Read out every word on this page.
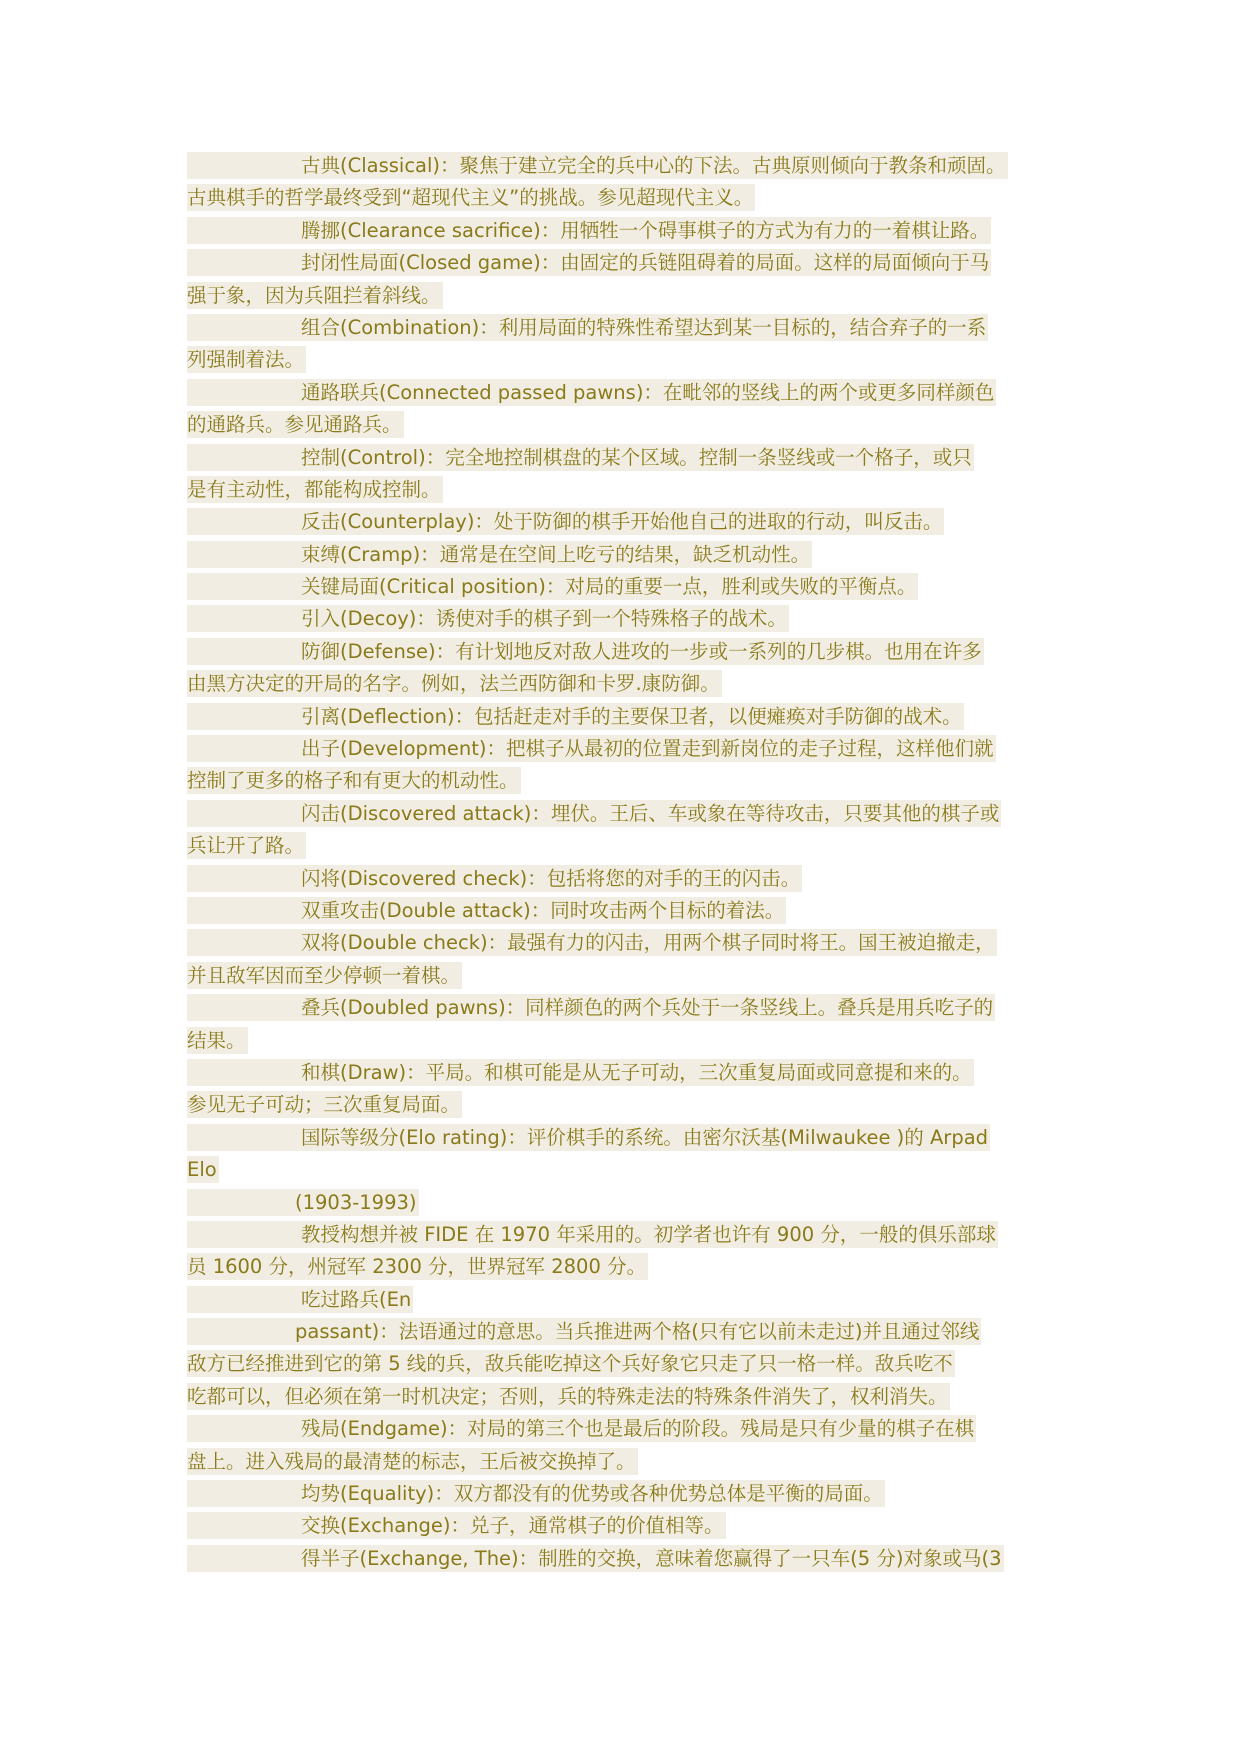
古典(Classical)：聚焦于建立完全的兵中心的下法。古典原则倾向于教条和顽固。
古典棋手的哲学最终受到“超现代主义”的挑战。参见超现代主义。
腾挪(Clearance sacrifice)：用牺牲一个碍事棋子的方式为有力的一着棋让路。
封闭性局面(Closed game)：由固定的兵链阻碍着的局面。这样的局面倾向于马
强于象，因为兵阻拦着斜线。
组合(Combination)：利用局面的特殊性希望达到某一目标的，结合弃子的一系
列强制着法。
通路联兵(Connected passed pawns)：在毗邻的竖线上的两个或更多同样颜色
的通路兵。参见通路兵。
控制(Control)：完全地控制棋盘的某个区域。控制一条竖线或一个格子，或只
是有主动性，都能构成控制。
反击(Counterplay)：处于防御的棋手开始他自己的进取的行动，叫反击。
束缚(Cramp)：通常是在空间上吃亏的结果，缺乏机动性。
关键局面(Critical position)：对局的重要一点，胜利或失败的平衡点。
引入(Decoy)：诱使对手的棋子到一个特殊格子的战术。
防御(Defense)：有计划地反对敌人进攻的一步或一系列的几步棋。也用在许多
由黑方决定的开局的名字。例如，法兰西防御和卡罗.康防御。
引离(Deflection)：包括赶走对手的主要保卫者，以便瘫痪对手防御的战术。
出子(Development)：把棋子从最初的位置走到新岗位的走子过程，这样他们就
控制了更多的格子和有更大的机动性。
闪击(Discovered attack)：埋伏。王后、车或象在等待攻击，只要其他的棋子或
兵让开了路。
闪将(Discovered check)：包括将您的对手的王的闪击。
双重攻击(Double attack)：同时攻击两个目标的着法。
双将(Double check)：最强有力的闪击，用两个棋子同时将王。国王被迫撤走，
并且敌军因而至少停顿一着棋。
叠兵(Doubled pawns)：同样颜色的两个兵处于一条竖线上。叠兵是用兵吃子的
结果。
和棋(Draw)：平局。和棋可能是从无子可动，三次重复局面或同意提和来的。
参见无子可动；三次重复局面。
国际等级分(Elo rating)：评价棋手的系统。由密尔沃基(Milwaukee )的 Arpad
Elo
(1903-1993)
教授构想并被 FIDE 在 1970 年采用的。初学者也许有 900 分，一般的俱乐部球
员 1600 分，州冠军 2300 分，世界冠军 2800 分。
吃过路兵(En
passant)：法语通过的意思。当兵推进两个格(只有它以前未走过)并且通过邻线
敌方已经推进到它的第 5 线的兵，敌兵能吃掉这个兵好象它只走了只一格一样。敌兵吃不
吃都可以，但必须在第一时机决定；否则，兵的特殊走法的特殊条件消失了，权利消失。
残局(Endgame)：对局的第三个也是最后的阶段。残局是只有少量的棋子在棋
盘上。进入残局的最清楚的标志，王后被交换掉了。
均势(Equality)：双方都没有的优势或各种优势总体是平衡的局面。
交换(Exchange)：兑子，通常棋子的价值相等。
得半子(Exchange, The)：制胜的交换，意味着您赢得了一只车(5 分)对象或马(3
